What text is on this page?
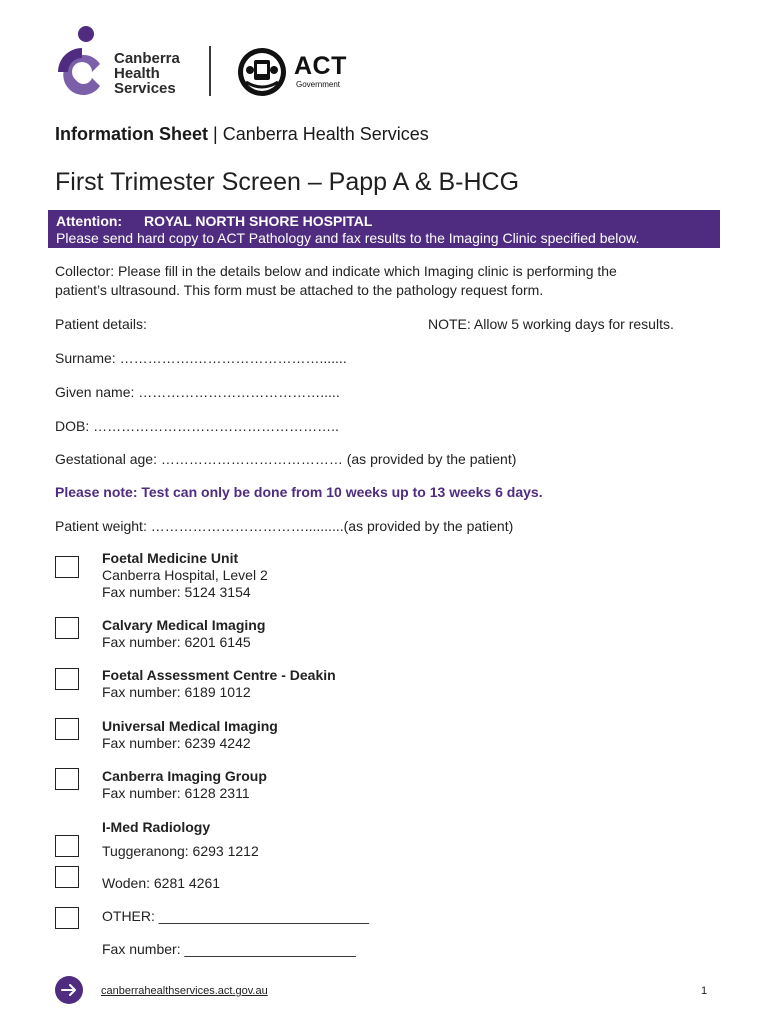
Canberra
Health
Services
ACT
Government
Information Sheet | Canberra Health Services
First Trimester Screen – Papp A & B-HCG
Attention: ROYAL NORTH SHORE HOSPITAL
Please send hard copy to ACT Pathology and fax results to the Imaging Clinic specified below.
Collector: Please fill in the details below and indicate which Imaging clinic is performing the
patient’s ultrasound. This form must be attached to the pathology request form.
Patient details:	NOTE: Allow 5 working days for results.
Surname: …………….……………………….......
Given name: ………………………………….....
DOB: ……………………………………………..
Gestational age: ………………………………… (as provided by the patient)
Please note: Test can only be done from 10 weeks up to 13 weeks 6 days.
Patient weight: ……………………………..........(as provided by the patient)
Foetal Medicine Unit
Canberra Hospital, Level 2
Fax number: 5124 3154
Calvary Medical Imaging
Fax number: 6201 6145
Foetal Assessment Centre - Deakin
Fax number: 6189 1012
Universal Medical Imaging
Fax number: 6239 4242
Canberra Imaging Group
Fax number: 6128 2311
I-Med Radiology
Tuggeranong: 6293 1212
Woden: 6281 4261
OTHER: ___________________________
Fax number: ______________________
canberrahealthservices.act.gov.au	1
